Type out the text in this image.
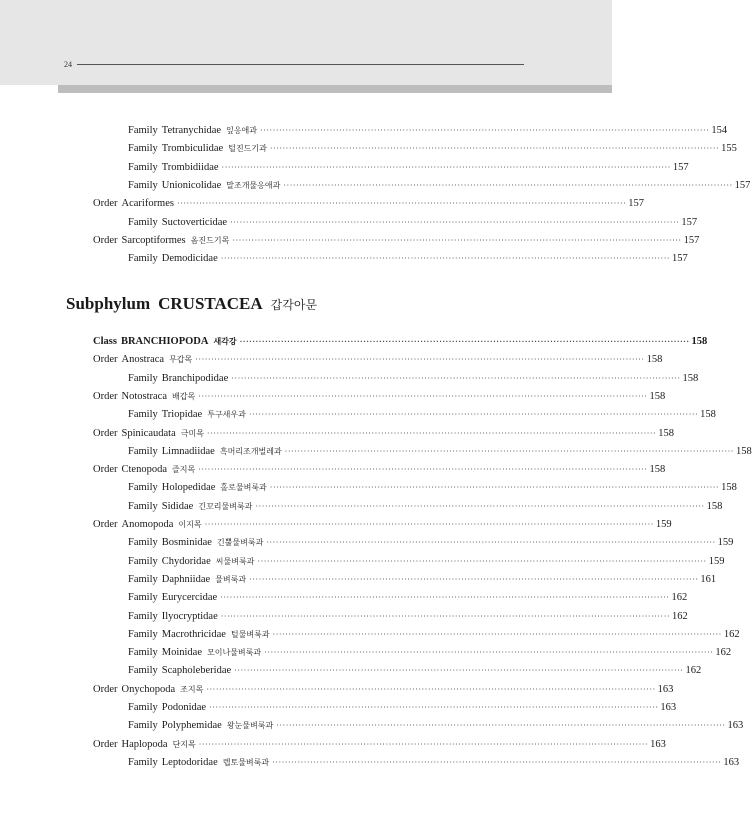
24
Family Tetranychidae 잎응애과 ·············································································································································· 154
Family Trombiculidae 털진드기과 ·············································································································································· 155
Family Trombidiidae ·············································································································································· 157
Family Unionicolidae 말조개물응애과 ·············································································································································· 157
Order Acariformes ·············································································································································· 157
Family Suctoverticidae ·············································································································································· 157
Order Sarcoptiformes 옴진드기목 ·············································································································································· 157
Family Demodicidae ·············································································································································· 157
Class BRANCHIOPODA 새각강 ·············································································································································· 158
Order Anostraca 무갑목 ·············································································································································· 158
Family Branchipodidae ·············································································································································· 158
Order Notostraca 배갑목 ·············································································································································· 158
Family Triopidae 투구새우과 ·············································································································································· 158
Order Spinicaudata 극미목 ·············································································································································· 158
Family Limnadiidae 흑머리조개벌레과 ·············································································································································· 158
Order Ctenopoda 즐지목 ·············································································································································· 158
Family Holopedidae 홀로물벼룩과 ·············································································································································· 158
Family Sididae 긴꼬리물벼룩과 ·············································································································································· 158
Order Anomopoda 이지목 ·············································································································································· 159
Family Bosminidae 긴뿔물벼룩과 ·············································································································································· 159
Family Chydoridae 씨물벼룩과 ·············································································································································· 159
Family Daphniidae 물벼룩과 ·············································································································································· 161
Family Eurycercidae ·············································································································································· 162
Family Ilyocryptidae ·············································································································································· 162
Family Macrothricidae 털물벼룩과 ·············································································································································· 162
Family Moinidae 모이나물벼룩과 ·············································································································································· 162
Family Scapholeberidae ·············································································································································· 162
Order Onychopoda 조지목 ·············································································································································· 163
Family Podonidae ·············································································································································· 163
Family Polyphemidae 왕눈물벼룩과 ·············································································································································· 163
Order Haplopoda 단지목 ·············································································································································· 163
Family Leptodoridae 렙토물벼룩과 ·············································································································································· 163
Subphylum CRUSTACEA 갑각아문
